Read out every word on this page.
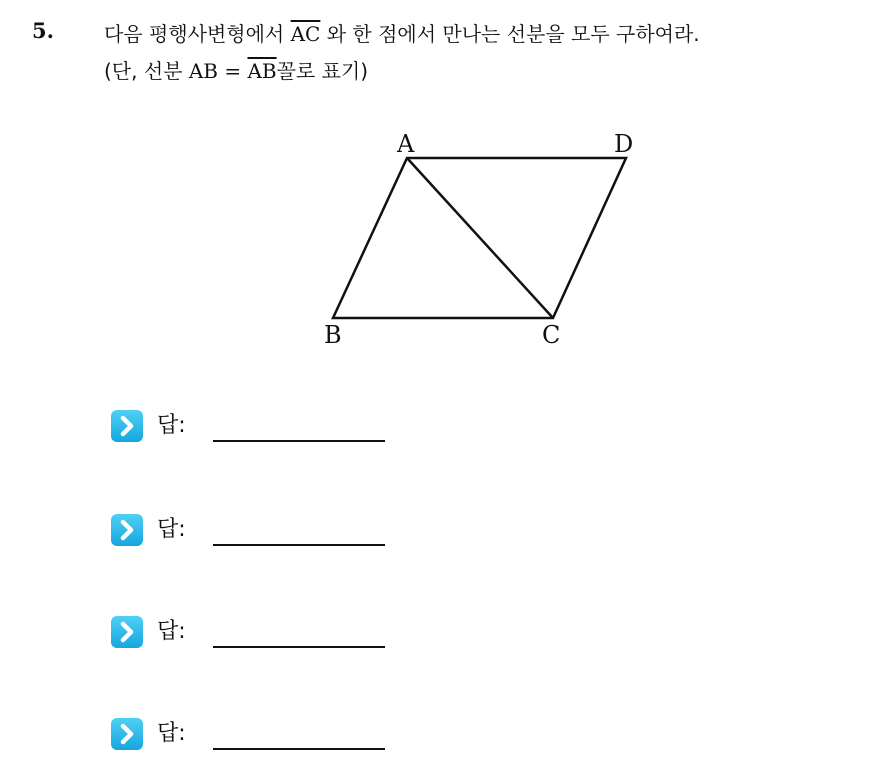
5.	다음 평행사변형에서 $\overline{AC}$ 와 한 점에서 만나는 선분을 모두 구하여라.
(단, 선분 AB = $\overline{AB}$꼴로 표기)
A	D
B	C
답:
답:
답:
답:
